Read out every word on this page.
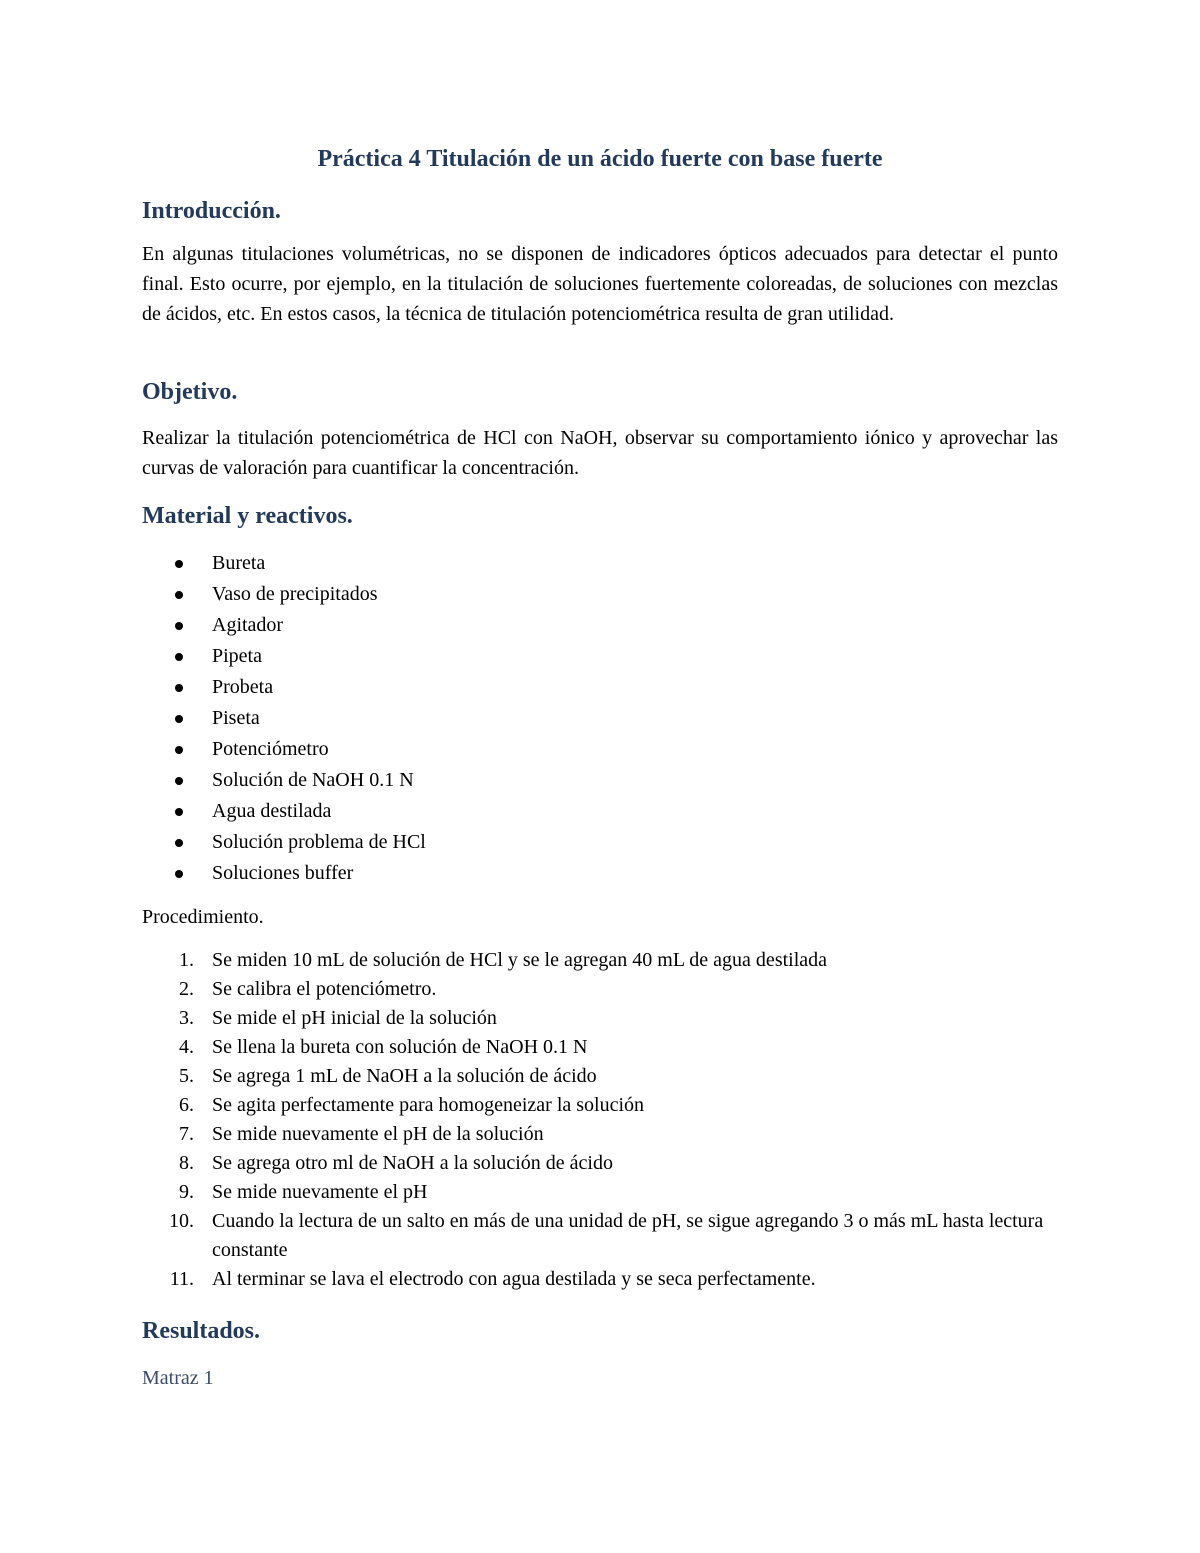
Práctica 4 Titulación de un ácido fuerte con base fuerte
Introducción.

En algunas titulaciones volumétricas, no se disponen de indicadores ópticos adecuados para detectar el punto final. Esto ocurre, por ejemplo, en la titulación de soluciones fuertemente coloreadas, de soluciones con mezclas de ácidos, etc. En estos casos, la técnica de titulación potenciométrica resulta de gran utilidad.

Objetivo.

Realizar la titulación potenciométrica de HCl con NaOH, observar su comportamiento iónico y aprovechar las curvas de valoración para cuantificar la concentración.

Material y reactivos.
Bureta
Vaso de precipitados
Agitador
Pipeta
Probeta
Piseta
Potenciómetro
Solución de NaOH 0.1 N
Agua destilada
Solución problema de HCl
Soluciones buffer

Procedimiento.

1. Se miden 10 mL de solución de HCl y se le agregan 40 mL de agua destilada
2. Se calibra el potenciómetro.
3. Se mide el pH inicial de la solución
4. Se llena la bureta con solución de NaOH 0.1 N
5. Se agrega 1 mL de NaOH a la solución de ácido
6. Se agita perfectamente para homogeneizar la solución
7. Se mide nuevamente el pH de la solución
8. Se agrega otro ml de NaOH a la solución de ácido
9. Se mide nuevamente el pH
10. Cuando la lectura de un salto en más de una unidad de pH, se sigue agregando 3 o más mL hasta lectura constante
11. Al terminar se lava el electrodo con agua destilada y se seca perfectamente.
Resultados.

Matraz 1
